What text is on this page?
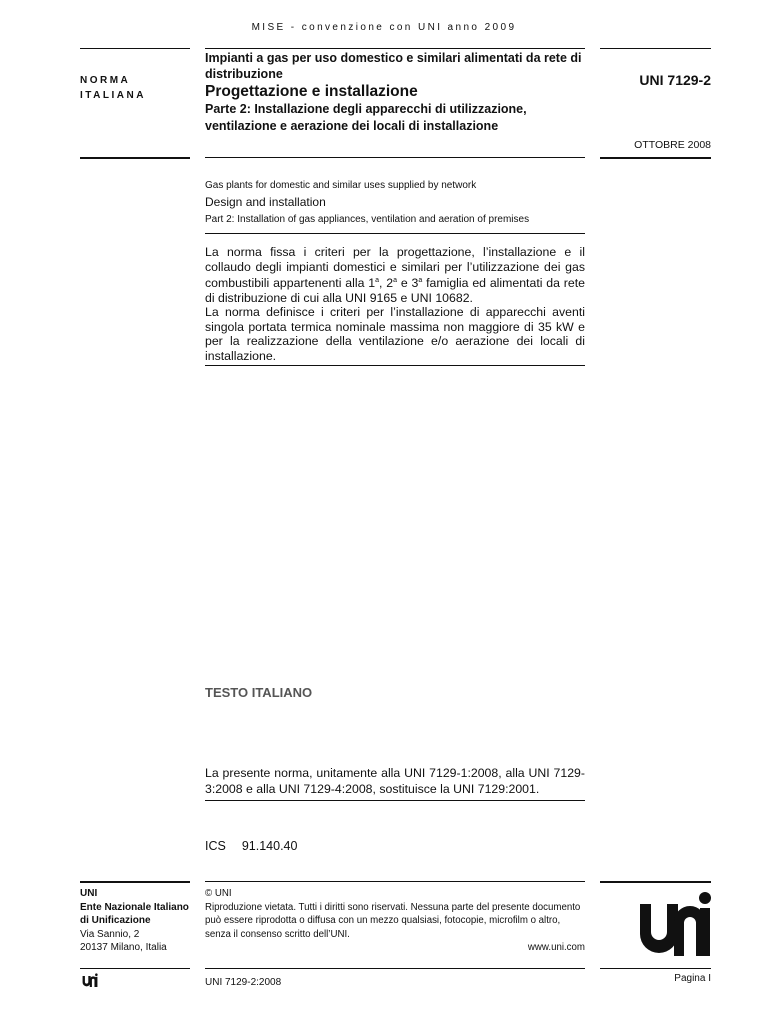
MISE - convenzione con UNI anno 2009
NORMA
ITALIANA
Impianti a gas per uso domestico e similari alimentati da rete di distribuzione
Progettazione e installazione
Parte 2: Installazione degli apparecchi di utilizzazione, ventilazione e aerazione dei locali di installazione
UNI 7129-2
OTTOBRE 2008
Gas plants for domestic and similar uses supplied by network
Design and installation
Part 2: Installation of gas appliances, ventilation and aeration of premises

La norma fissa i criteri per la progettazione, l’installazione e il collaudo degli impianti domestici e similari per l’utilizzazione dei gas combustibili appartenenti alla 1$^a$, 2$^a$ e 3$^a$ famiglia ed alimentati da rete di distribuzione di cui alla UNI 9165 e UNI 10682.

La norma definisce i criteri per l’installazione di apparecchi aventi singola portata termica nominale massima non maggiore di 35 kW e per la realizzazione della ventilazione e/o aerazione dei locali di installazione.

TESTO ITALIANO
La presente norma, unitamente alla UNI 7129-1:2008, alla UNI 7129-3:2008 e alla UNI 7129-4:2008, sostituisce la UNI 7129:2001.
ICS 91.140.40
UNI
Ente Nazionale Italiano
di Unificazione
Via Sannio, 2
20137 Milano, Italia
© UNI
Riproduzione vietata. Tutti i diritti sono riservati. Nessuna parte del presente documento può essere riprodotta o diffusa con un mezzo qualsiasi, fotocopie, microfilm o altro, senza il consenso scritto dell’UNI.
www.uni.com
UNI 7129-2:2008	Pagina I
